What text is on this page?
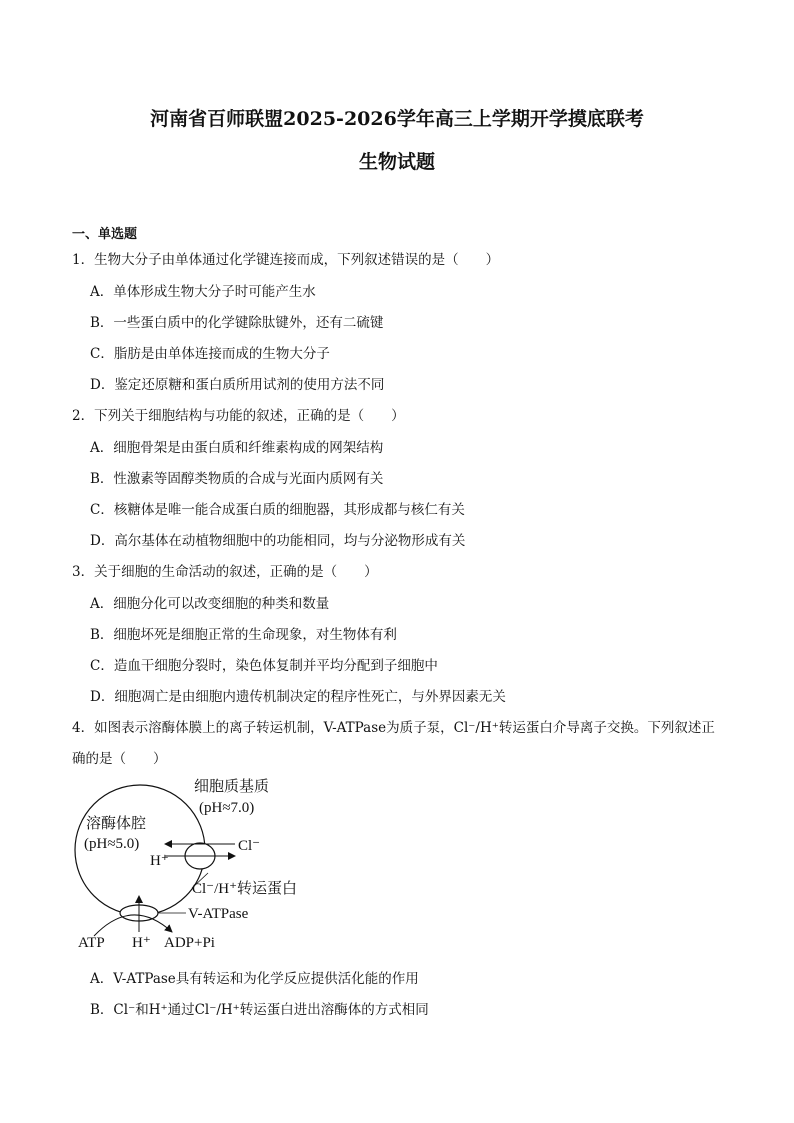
河南省百师联盟2025-2026学年高三上学期开学摸底联考
生物试题
一、单选题
1．生物大分子由单体通过化学键连接而成，下列叙述错误的是（　　）
A．单体形成生物大分子时可能产生水
B．一些蛋白质中的化学键除肽键外，还有二硫键
C．脂肪是由单体连接而成的生物大分子
D．鉴定还原糖和蛋白质所用试剂的使用方法不同
2．下列关于细胞结构与功能的叙述，正确的是（　　）
A．细胞骨架是由蛋白质和纤维素构成的网架结构
B．性激素等固醇类物质的合成与光面内质网有关
C．核糖体是唯一能合成蛋白质的细胞器，其形成都与核仁有关
D．高尔基体在动植物细胞中的功能相同，均与分泌物形成有关
3．关于细胞的生命活动的叙述，正确的是（　　）
A．细胞分化可以改变细胞的种类和数量
B．细胞坏死是细胞正常的生命现象，对生物体有利
C．造血干细胞分裂时，染色体复制并平均分配到子细胞中
D．细胞凋亡是由细胞内遗传机制决定的程序性死亡，与外界因素无关
4．如图表示溶酶体膜上的离子转运机制，V-ATPase为质子泵，Cl⁻/H⁺转运蛋白介导离子交换。下列叙述正
确的是（　　）
细胞质基质
(pH≈7.0)
溶酶体腔
(pH≈5.0)
H⁺
Cl⁻
Cl⁻/H⁺转运蛋白
V-ATPase
ATP H⁺ ADP+Pi
A．V-ATPase具有转运和为化学反应提供活化能的作用
B．Cl⁻和H⁺通过Cl⁻/H⁺转运蛋白进出溶酶体的方式相同
